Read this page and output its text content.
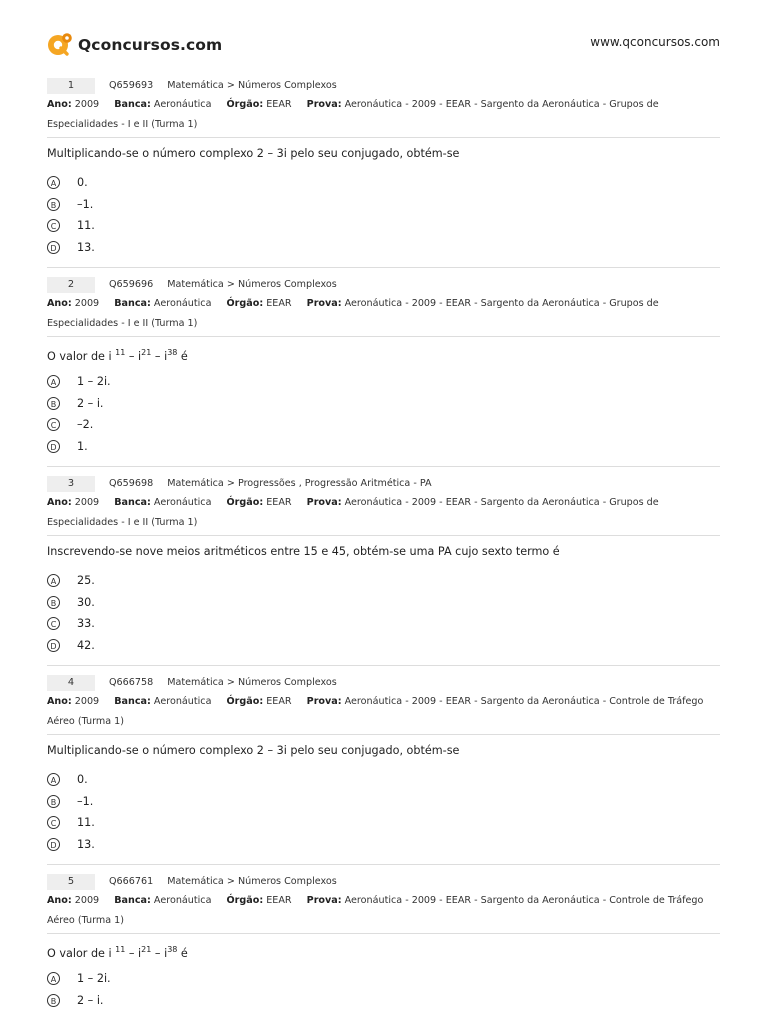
Qconcursos.com	www.qconcursos.com
1	Q659693 Matemática > Números Complexos
Ano: 2009 Banca: Aeronáutica Órgão: EEAR Prova: Aeronáutica - 2009 - EEAR - Sargento da Aeronáutica - Grupos de
Especialidades - I e II (Turma 1)
Multiplicando-se o número complexo 2 – 3i pelo seu conjugado, obtém-se
A	0.
B	–1.
C	11.
D	13.
2	Q659696 Matemática > Números Complexos
Ano: 2009 Banca: Aeronáutica Órgão: EEAR Prova: Aeronáutica - 2009 - EEAR - Sargento da Aeronáutica - Grupos de
Especialidades - I e II (Turma 1)
O valor de i $^{11} - i^{21} - i^{38}$ é
A	1 – 2i.
B	2 – i.
C	–2.
D	1.
3	Q659698 Matemática > Progressões , Progressão Aritmética - PA
Ano: 2009 Banca: Aeronáutica Órgão: EEAR Prova: Aeronáutica - 2009 - EEAR - Sargento da Aeronáutica - Grupos de
Especialidades - I e II (Turma 1)
Inscrevendo-se nove meios aritméticos entre 15 e 45, obtém-se uma PA cujo sexto termo é
A	25.
B	30.
C	33.
D	42.
4	Q666758 Matemática > Números Complexos
Ano: 2009 Banca: Aeronáutica Órgão: EEAR Prova: Aeronáutica - 2009 - EEAR - Sargento da Aeronáutica - Controle de Tráfego
Aéreo (Turma 1)
Multiplicando-se o número complexo 2 – 3i pelo seu conjugado, obtém-se
A	0.
B	–1.
C	11.
D	13.
5	Q666761 Matemática > Números Complexos
Ano: 2009 Banca: Aeronáutica Órgão: EEAR Prova: Aeronáutica - 2009 - EEAR - Sargento da Aeronáutica - Controle de Tráfego
Aéreo (Turma 1)
O valor de i $^{11} - i^{21} - i^{38}$ é
A	1 – 2i.
B	2 – i.
